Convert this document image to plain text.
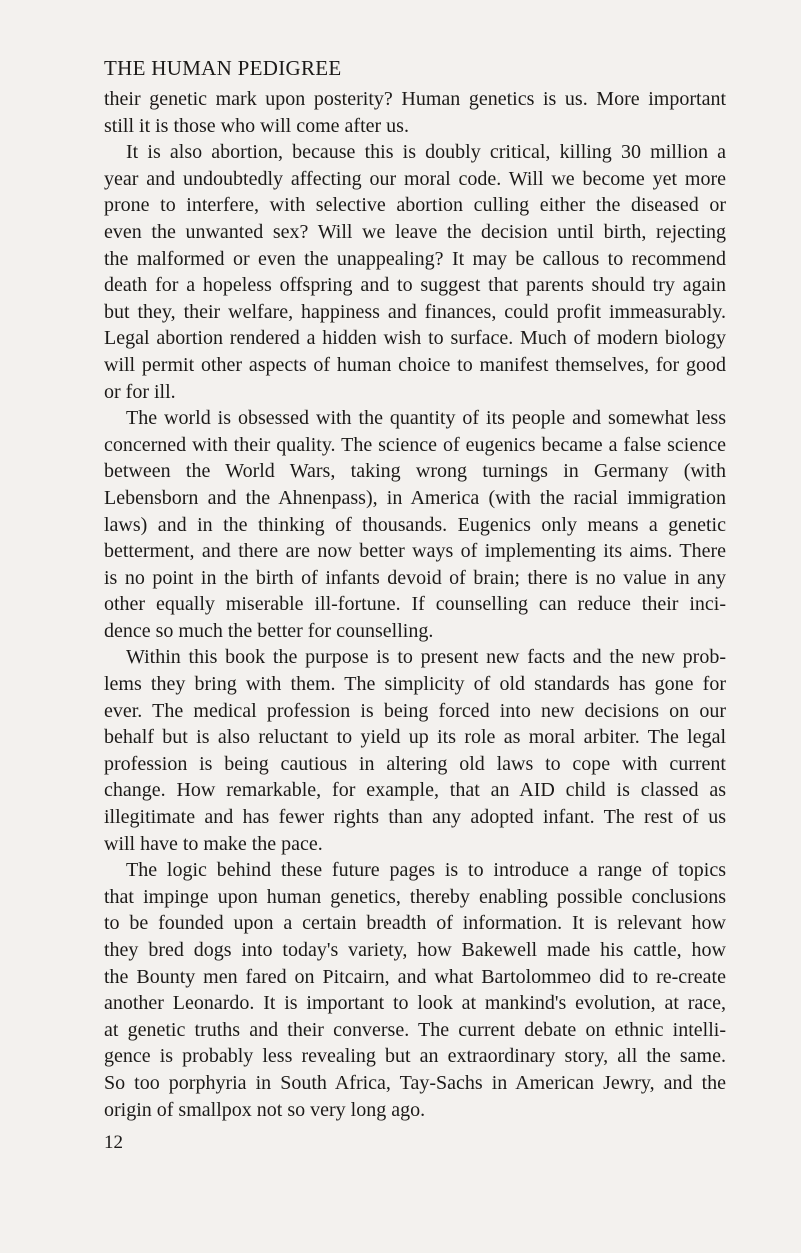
THE HUMAN PEDIGREE
their genetic mark upon posterity? Human genetics is us. More important
still it is those who will come after us.
It is also abortion, because this is doubly critical, killing 30 million a
year and undoubtedly affecting our moral code. Will we become yet more
prone to interfere, with selective abortion culling either the diseased or
even the unwanted sex? Will we leave the decision until birth, rejecting
the malformed or even the unappealing? It may be callous to recommend
death for a hopeless offspring and to suggest that parents should try again
but they, their welfare, happiness and finances, could profit immeasurably.
Legal abortion rendered a hidden wish to surface. Much of modern biology
will permit other aspects of human choice to manifest themselves, for good
or for ill.
The world is obsessed with the quantity of its people and somewhat less
concerned with their quality. The science of eugenics became a false science
between the World Wars, taking wrong turnings in Germany (with
Lebensborn and the Ahnenpass), in America (with the racial immigration
laws) and in the thinking of thousands. Eugenics only means a genetic
betterment, and there are now better ways of implementing its aims. There
is no point in the birth of infants devoid of brain; there is no value in any
other equally miserable ill-fortune. If counselling can reduce their inci-
dence so much the better for counselling.
Within this book the purpose is to present new facts and the new prob-
lems they bring with them. The simplicity of old standards has gone for
ever. The medical profession is being forced into new decisions on our
behalf but is also reluctant to yield up its role as moral arbiter. The legal
profession is being cautious in altering old laws to cope with current
change. How remarkable, for example, that an AID child is classed as
illegitimate and has fewer rights than any adopted infant. The rest of us
will have to make the pace.
The logic behind these future pages is to introduce a range of topics
that impinge upon human genetics, thereby enabling possible conclusions
to be founded upon a certain breadth of information. It is relevant how
they bred dogs into today's variety, how Bakewell made his cattle, how
the Bounty men fared on Pitcairn, and what Bartolommeo did to re-create
another Leonardo. It is important to look at mankind's evolution, at race,
at genetic truths and their converse. The current debate on ethnic intelli-
gence is probably less revealing but an extraordinary story, all the same.
So too porphyria in South Africa, Tay-Sachs in American Jewry, and the
origin of smallpox not so very long ago.
12
